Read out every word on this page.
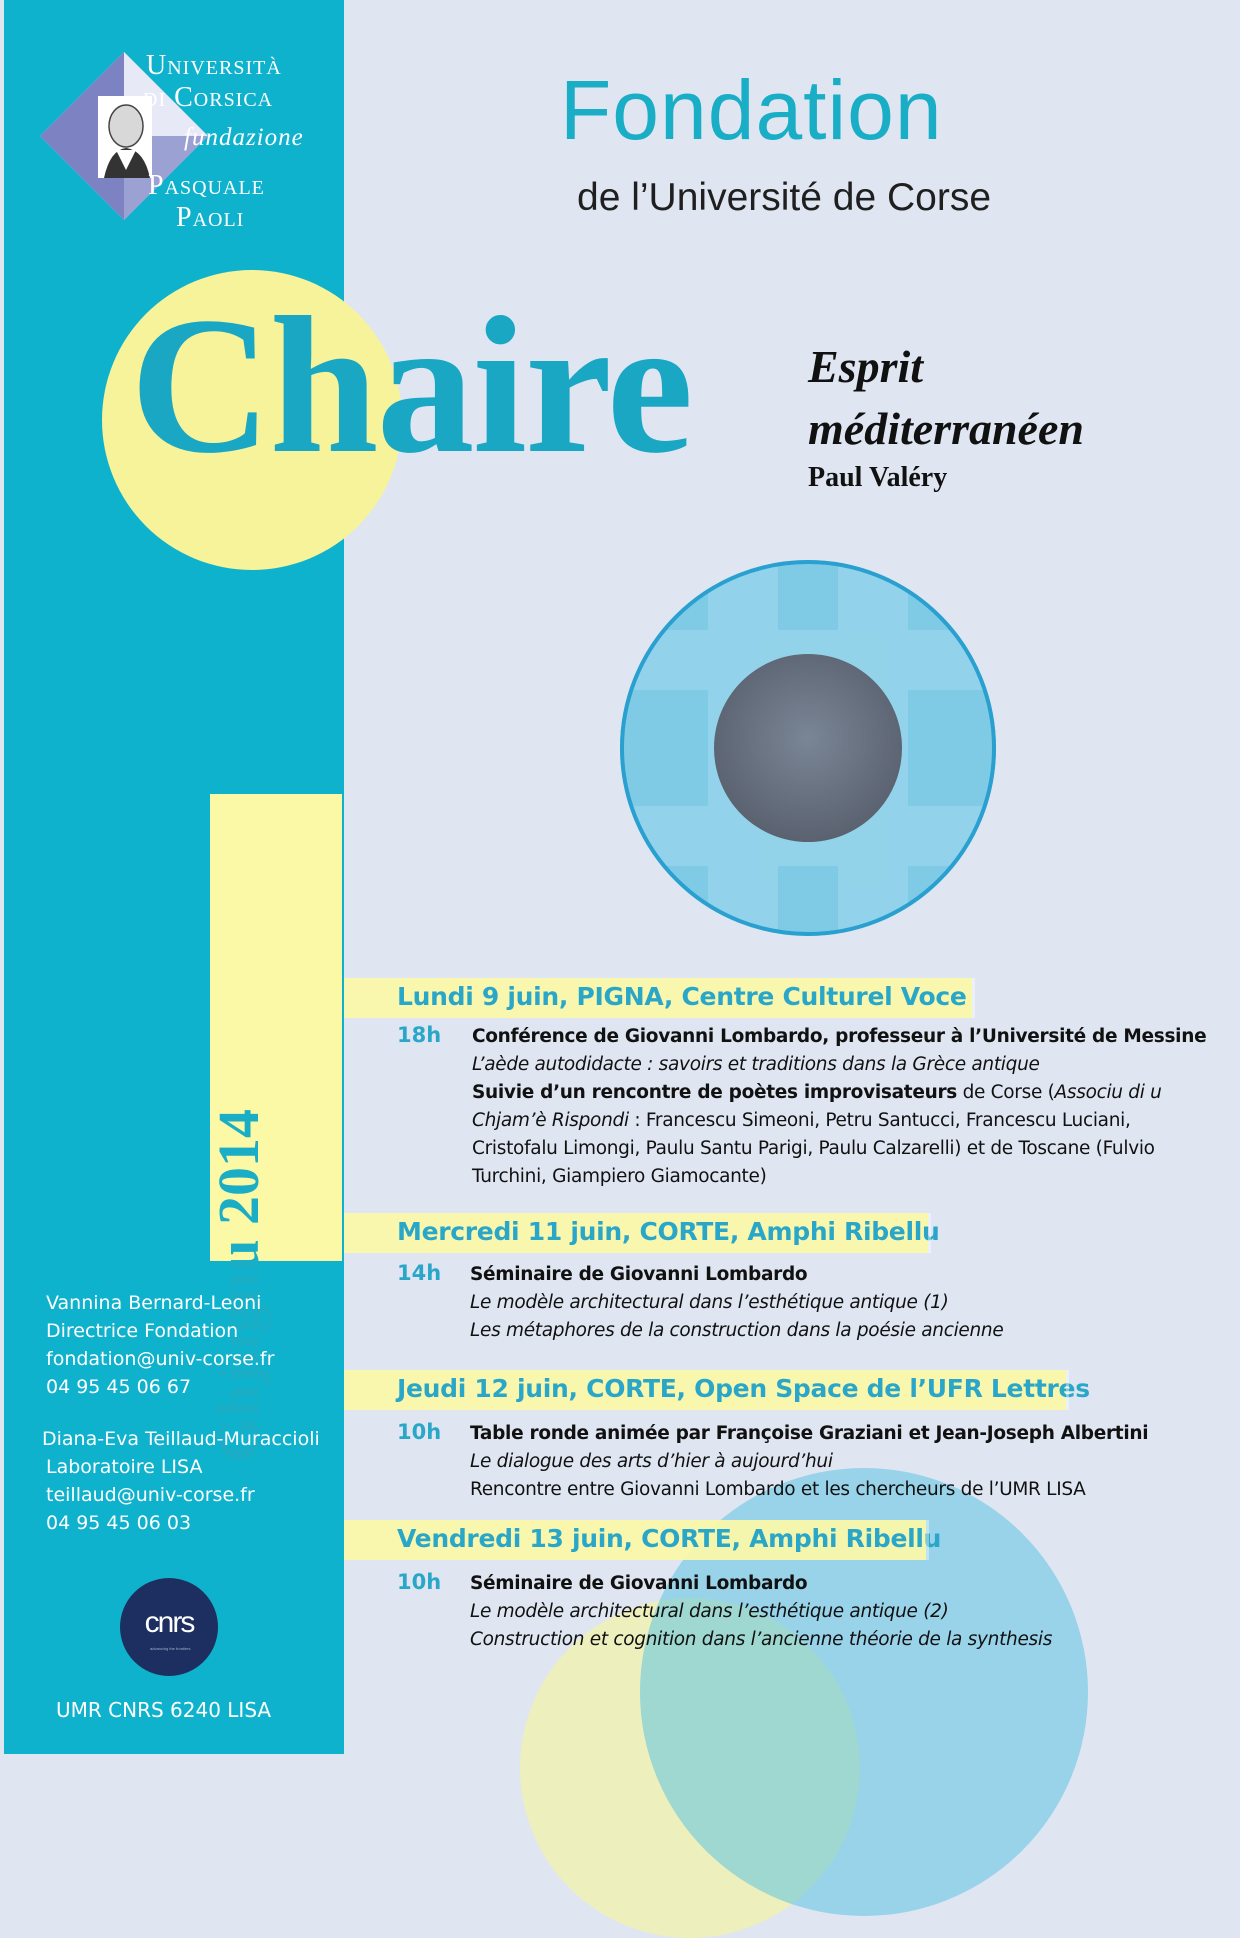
Università
di Corsica
fundazione
Pasquale
Paoli
Fondation
de l’Université de Corse
Chaire	Esprit
méditerranéen
Paul Valéry
Ghjugnu 2014
Lundi 9 juin, PIGNA, Centre Culturel Voce
18h Conférence de Giovanni Lombardo, professeur à l’Université de Messine
L’aède autodidacte : savoirs et traditions dans la Grèce antique
Suivie d’un rencontre de poètes improvisateurs de Corse (Associu di u
Chjam’è Rispondi : Francescu Simeoni, Petru Santucci, Francescu Luciani,
Cristofalu Limongi, Paulu Santu Parigi, Paulu Calzarelli) et de Toscane (Fulvio
Turchini, Giampiero Giamocante)
Mercredi 11 juin, CORTE, Amphi Ribellu
14h Séminaire de Giovanni Lombardo
Le modèle architectural dans l’esthétique antique (1)
Les métaphores de la construction dans la poésie ancienne
Jeudi 12 juin, CORTE, Open Space de l’UFR Lettres
10h Table ronde animée par Françoise Graziani et Jean-Joseph Albertini
Le dialogue des arts d’hier à aujourd’hui
Rencontre entre Giovanni Lombardo et les chercheurs de l’UMR LISA
Vendredi 13 juin, CORTE, Amphi Ribellu
10h Séminaire de Giovanni Lombardo
Le modèle architectural dans l’esthétique antique (2)
Construction et cognition dans l’ancienne théorie de la synthesis
Vannina Bernard-Leoni
Directrice Fondation
fondation@univ-corse.fr
04 95 45 06 67
Diana-Eva Teillaud-Muraccioli
Laboratoire LISA
teillaud@univ-corse.fr
04 95 45 06 03
cnrs
advancing the frontiers
UMR CNRS 6240 LISA
